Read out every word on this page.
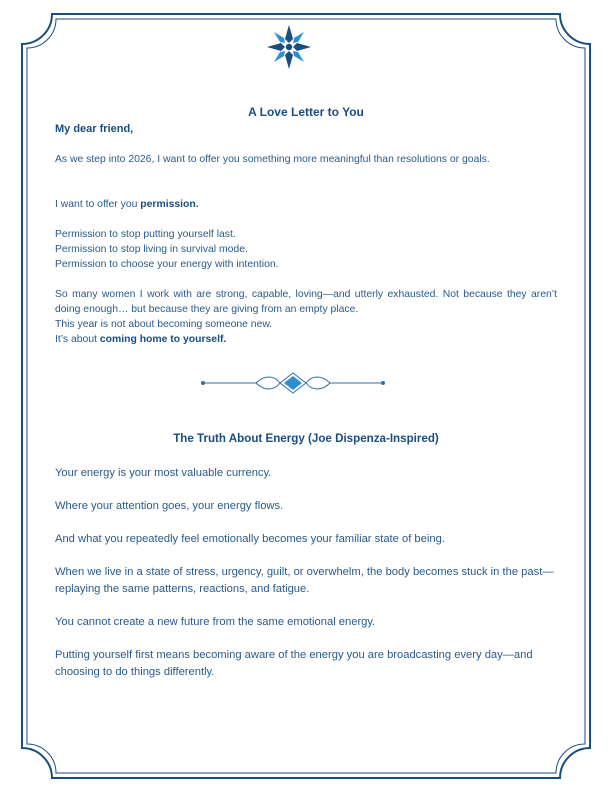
A Love Letter to You
My dear friend,
As we step into 2026, I want to offer you something more meaningful than resolutions or goals.
I want to offer you permission.
Permission to stop putting yourself last.
Permission to stop living in survival mode.
Permission to choose your energy with intention.
So many women I work with are strong, capable, loving—and utterly exhausted. Not because they aren’t doing enough… but because they are giving from an empty place.
This year is not about becoming someone new.
It’s about coming home to yourself.
The Truth About Energy (Joe Dispenza-Inspired)
Your energy is your most valuable currency.
Where your attention goes, your energy flows.
And what you repeatedly feel emotionally becomes your familiar state of being.
When we live in a state of stress, urgency, guilt, or overwhelm, the body becomes stuck in the past—replaying the same patterns, reactions, and fatigue.
You cannot create a new future from the same emotional energy.
Putting yourself first means becoming aware of the energy you are broadcasting every day—and choosing to do things differently.
